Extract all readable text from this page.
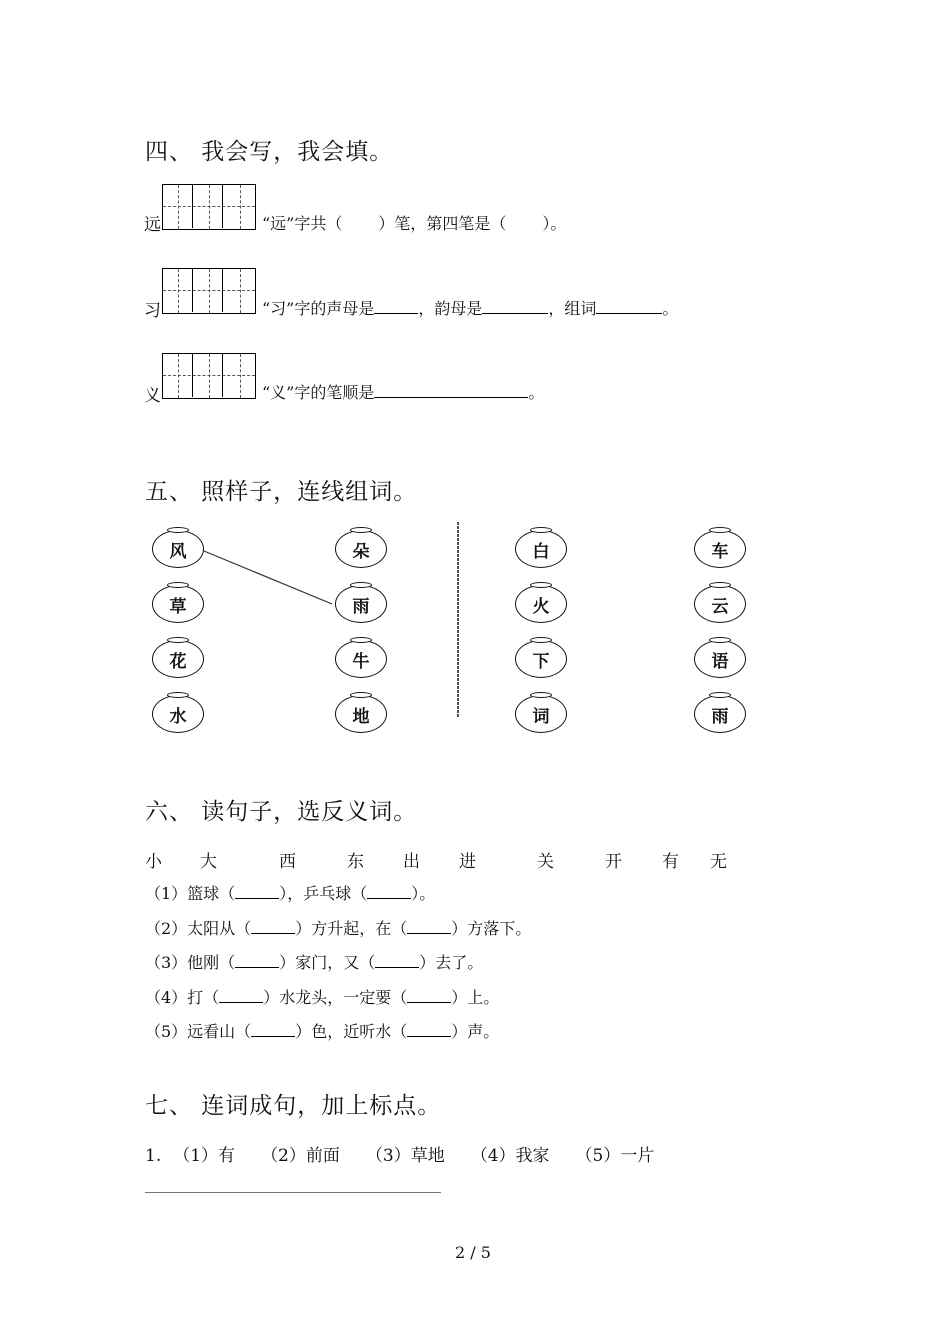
四、 我会写，我会填。
远	“远”字共（ ）笔，第四笔是（ ）。
习	“习”字的声母是	，韵母是	，组词	。
义	“义”字的笔顺是	。
五、 照样子，连线组词。
风
草
花
水
朵
雨
牛
地
白
火
下
词
车
云
语
雨
六、 读句子，选反义词。
小 大	西	东 出 进	关	开 有 无
（1）篮球（	），乒乓球（	）。
（2）太阳从（	）方升起，在（	）方落下。
（3）他刚（	）家门，又（	）去了。
（4）打（	）水龙头，一定要（	）上。
（5）远看山（	）色，近听水（	）声。
七、 连词成句，加上标点。
1. （1）有 （2）前面 （3）草地 （4）我家 （5）一片
2 / 5
